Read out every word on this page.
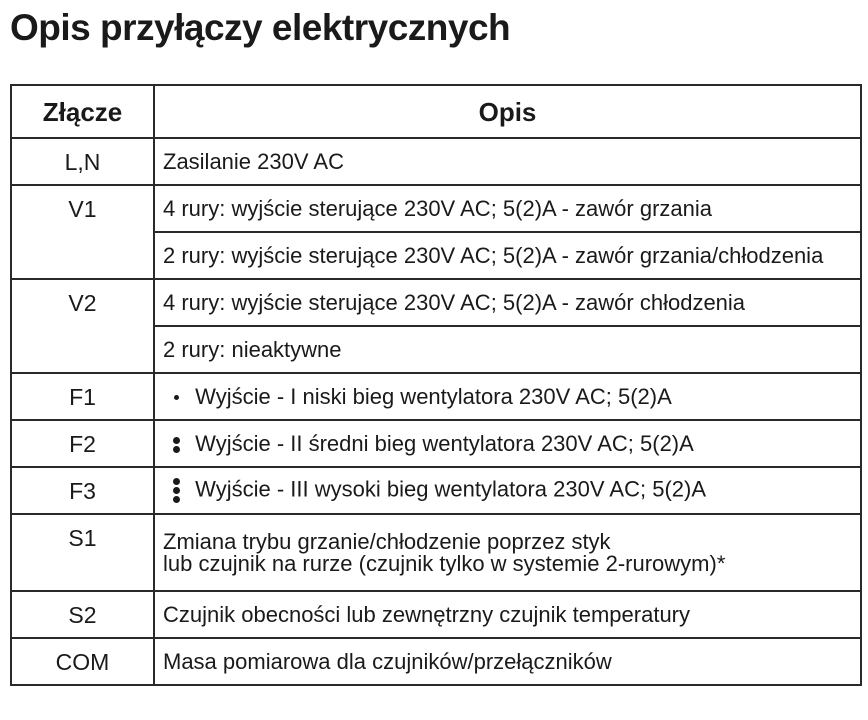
Opis przyłączy elektrycznych
Złącze	Opis
L,N	Zasilanie 230V AC
V1	4 rury: wyjście sterujące 230V AC; 5(2)A - zawór grzania
	2 rury: wyjście sterujące 230V AC; 5(2)A - zawór grzania/chłodzenia
V2	4 rury: wyjście sterujące 230V AC; 5(2)A - zawór chłodzenia
	2 rury: nieaktywne
F1	Wyjście - I niski bieg wentylatora 230V AC; 5(2)A
F2	Wyjście - II średni bieg wentylatora 230V AC; 5(2)A
F3	Wyjście - III wysoki bieg wentylatora 230V AC; 5(2)A
S1	Zmiana trybu grzanie/chłodzenie poprzez styk
lub czujnik na rurze (czujnik tylko w systemie 2-rurowym)*

S2	Czujnik obecności lub zewnętrzny czujnik temperatury
COM	Masa pomiarowa dla czujników/przełączników
